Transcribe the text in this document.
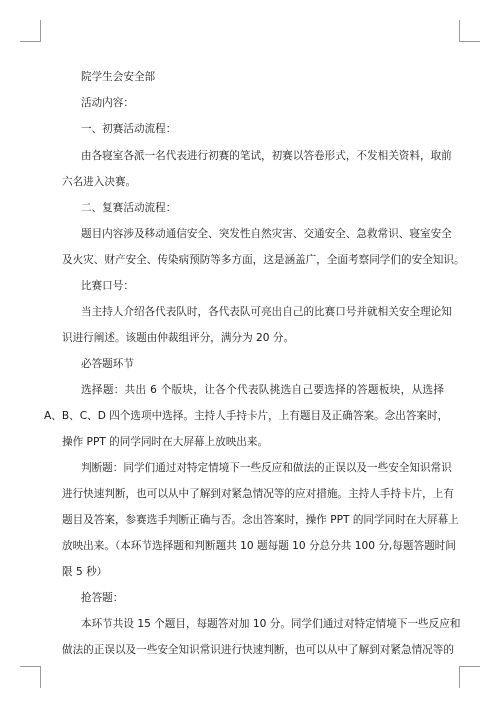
院学生会安全部
活动内容：
一、初赛活动流程：
由各寝室各派一名代表进行初赛的笔试，初赛以答卷形式，不发相关资料，取前
六名进入决赛。
二、复赛活动流程：
题目内容涉及移动通信安全、突发性自然灾害、交通安全、急救常识、寝室安全
及火灾、财产安全、传染病预防等多方面，这是涵盖广，全面考察同学们的安全知识。
比赛口号：
当主持人介绍各代表队时，各代表队可亮出自己的比赛口号并就相关安全理论知
识进行阐述。该题由仲裁组评分，满分为 20 分。
必答题环节
选择题：共出 6 个版块，让各个代表队挑选自己要选择的答题板块，从选择
A、B、C、D 四个选项中选择。主持人手持卡片，上有题目及正确答案。念出答案时，
操作 PPT 的同学同时在大屏幕上放映出来。
判断题：同学们通过对特定情境下一些反应和做法的正误以及一些安全知识常识
进行快速判断，也可以从中了解到对紧急情况等的应对措施。主持人手持卡片，上有
题目及答案，参赛选手判断正确与否。念出答案时，操作 PPT 的同学同时在大屏幕上
放映出来。（本环节选择题和判断题共 10 题每题 10 分总分共 100 分,每题答题时间
限 5 秒）
抢答题：
本环节共设 15 个题目，每题答对加 10 分。同学们通过对特定情境下一些反应和
做法的正误以及一些安全知识常识进行快速判断，也可以从中了解到对紧急情况等的
